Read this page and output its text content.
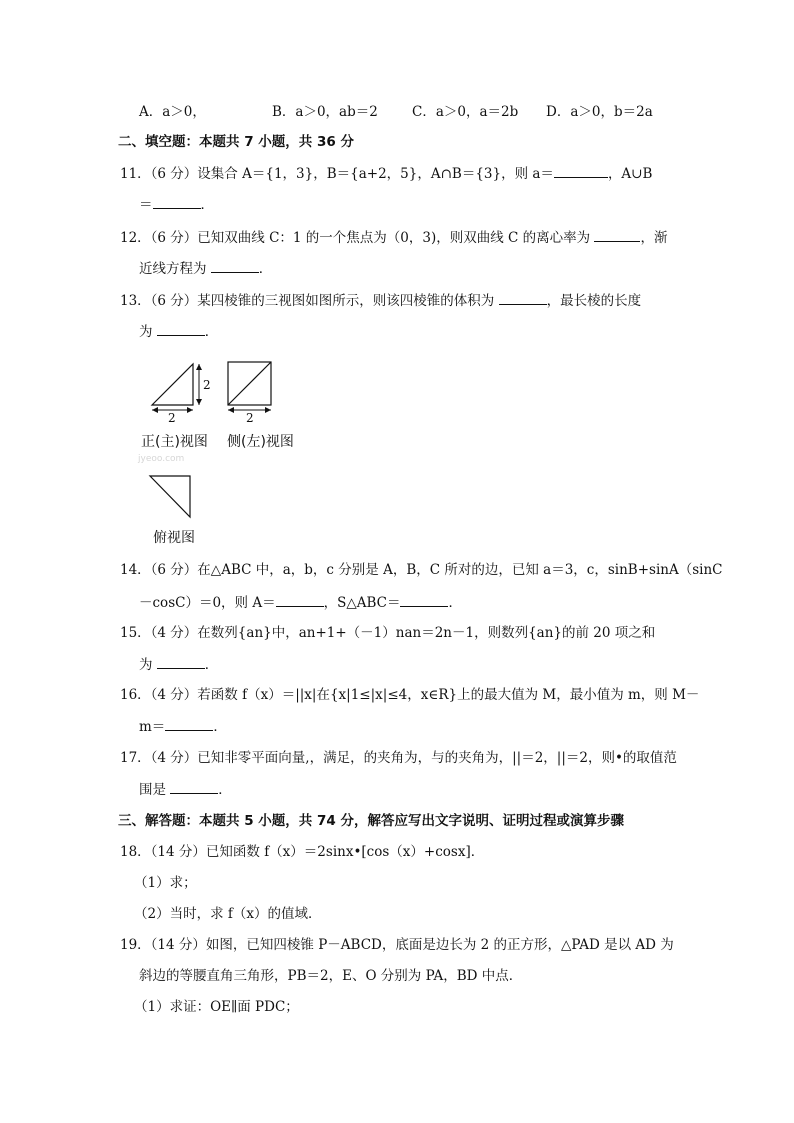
A．a＞0，	B．a＞0，ab＝2	C．a＞0，a＝2b D．a＞0，b＝2a
二、填空题：本题共 7 小题，共 36 分
11．（6 分）设集合 A＝{1，3}，B＝{a+2，5}，A∩B＝{3}，则 a＝	，A∪B
＝	．
12．（6 分）已知双曲线 C：1 的一个焦点为（0，3)，则双曲线 C 的离心率为	，渐
近线方程为	．
13．（6 分）某四棱锥的三视图如图所示，则该四棱锥的体积为	，最长棱的长度
为	．
2
2	2
正(主)视图 侧(左)视图
jyeoo.com
俯视图
14．（6 分）在△ABC 中，a，b，c 分别是 A，B，C 所对的边，已知 a＝3，c，sinB+sinA（sinC
－cosC）＝0，则 A＝	，S△ABC＝	．
15．（4 分）在数列{an}中，an+1+（－1）nan＝2n－1，则数列{an}的前 20 项之和
为	．
16．（4 分）若函数 f（x）＝||x|在{x|1≤|x|≤4，x∈R}上的最大值为 M，最小值为 m，则 M－
m＝	．
17．（4 分）已知非零平面向量,，满足，的夹角为，与的夹角为，||＝2，||＝2，则•的取值范
围是	．
三、解答题：本题共 5 小题，共 74 分，解答应写出文字说明、证明过程或演算步骤
18．（14 分）已知函数 f（x）＝2sinx•[cos（x）+cosx]．
（1）求；
（2）当时，求 f（x）的值域．
19．（14 分）如图，已知四棱锥 P－ABCD，底面是边长为 2 的正方形，△PAD 是以 AD 为
斜边的等腰直角三角形，PB＝2，E、O 分别为 PA，BD 中点．
（1）求证：OE∥面 PDC；
